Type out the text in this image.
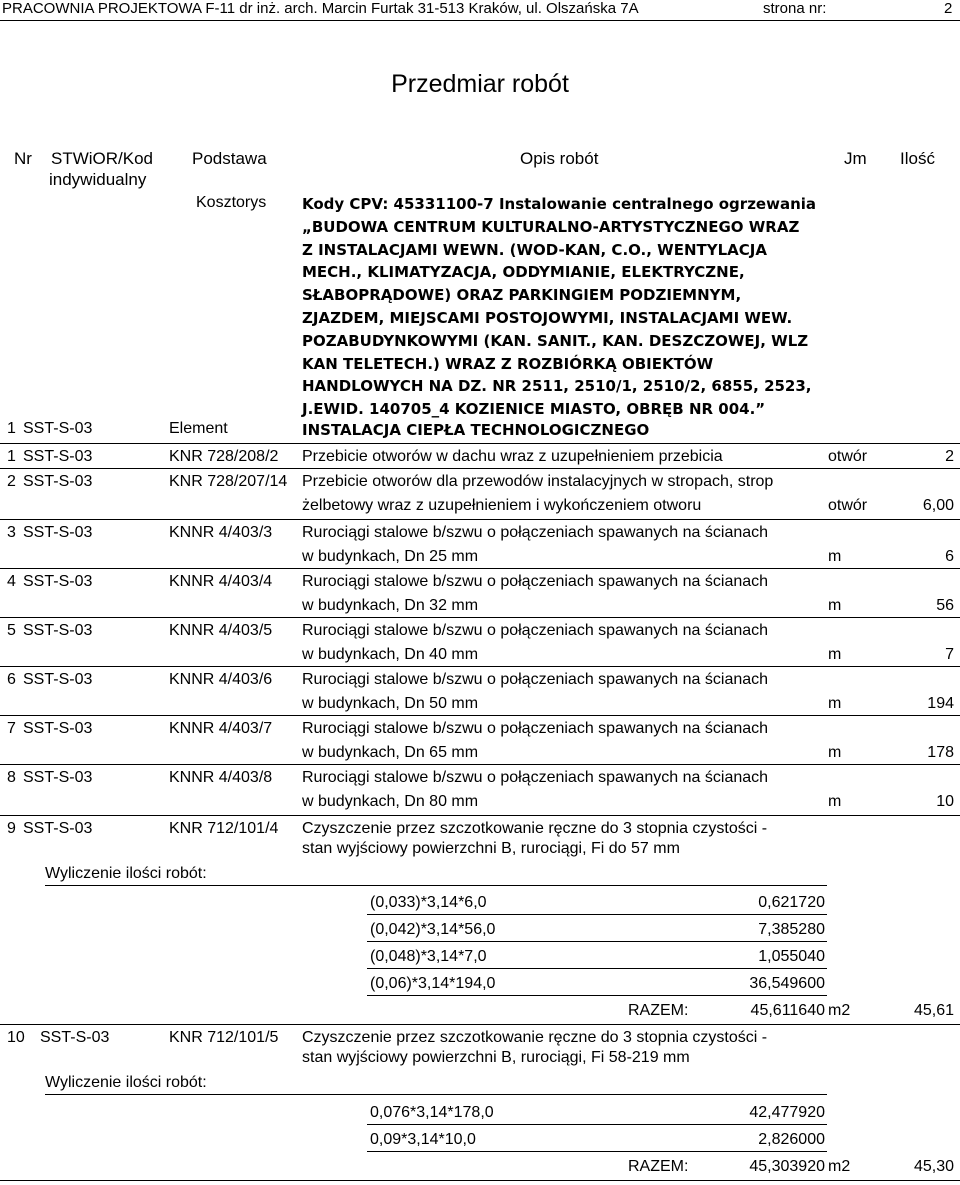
PRACOWNIA PROJEKTOWA F-11 dr inż. arch. Marcin Furtak 31-513 Kraków, ul. Olszańska 7A	strona nr:	2
Przedmiar robót
Nr STWiOR/Kod
indywidualny
Podstawa	Opis robót	Jm Ilość
Kosztorys Kody CPV: 45331100-7 Instalowanie centralnego ogrzewania
„BUDOWA CENTRUM KULTURALNO-ARTYSTYCZNEGO WRAZ
Z INSTALACJAMI WEWN. (WOD-KAN, C.O., WENTYLACJA
MECH., KLIMATYZACJA, ODDYMIANIE, ELEKTRYCZNE,
SŁABOPRĄDOWE) ORAZ PARKINGIEM PODZIEMNYM,
ZJAZDEM, MIEJSCAMI POSTOJOWYMI, INSTALACJAMI WEW.
POZABUDYNKOWYMI (KAN. SANIT., KAN. DESZCZOWEJ, WLZ
KAN TELETECH.) WRAZ Z ROZBIÓRKĄ OBIEKTÓW
HANDLOWYCH NA DZ. NR 2511, 2510/1, 2510/2, 6855, 2523,
J.EWID. 140705_4 KOZIENICE MIASTO, OBRĘB NR 004.”
1 SST-S-03	Element	INSTALACJA CIEPŁA TECHNOLOGICZNEGO
1 SST-S-03	KNR 728/208/2 Przebicie otworów w dachu wraz z uzupełnieniem przebicia	otwór	2
2 SST-S-03	KNR 728/207/14 Przebicie otworów dla przewodów instalacyjnych w stropach, strop
żelbetowy wraz z uzupełnieniem i wykończeniem otworu	otwór	6,00
3 SST-S-03	KNNR 4/403/3 Rurociągi stalowe b/szwu o połączeniach spawanych na ścianach
w budynkach, Dn 25 mm	m	6
4 SST-S-03	KNNR 4/403/4 Rurociągi stalowe b/szwu o połączeniach spawanych na ścianach
w budynkach, Dn 32 mm	m	56
5 SST-S-03	KNNR 4/403/5 Rurociągi stalowe b/szwu o połączeniach spawanych na ścianach
w budynkach, Dn 40 mm	m	7
6 SST-S-03	KNNR 4/403/6 Rurociągi stalowe b/szwu o połączeniach spawanych na ścianach
w budynkach, Dn 50 mm	m	194
7 SST-S-03	KNNR 4/403/7 Rurociągi stalowe b/szwu o połączeniach spawanych na ścianach
w budynkach, Dn 65 mm	m	178
8 SST-S-03	KNNR 4/403/8 Rurociągi stalowe b/szwu o połączeniach spawanych na ścianach
w budynkach, Dn 80 mm	m	10
9 SST-S-03	KNR 712/101/4 Czyszczenie przez szczotkowanie ręczne do 3 stopnia czystości -
stan wyjściowy powierzchni B, rurociągi, Fi do 57 mm
Wyliczenie ilości robót:
(0,033)*3,14*6,0	0,621720
(0,042)*3,14*56,0	7,385280
(0,048)*3,14*7,0	1,055040
(0,06)*3,14*194,0	36,549600
RAZEM:	45,611640 m2	45,61
10 SST-S-03	KNR 712/101/5 Czyszczenie przez szczotkowanie ręczne do 3 stopnia czystości -
stan wyjściowy powierzchni B, rurociągi, Fi 58-219 mm
Wyliczenie ilości robót:
0,076*3,14*178,0	42,477920
0,09*3,14*10,0	2,826000
RAZEM:	45,303920 m2	45,30
